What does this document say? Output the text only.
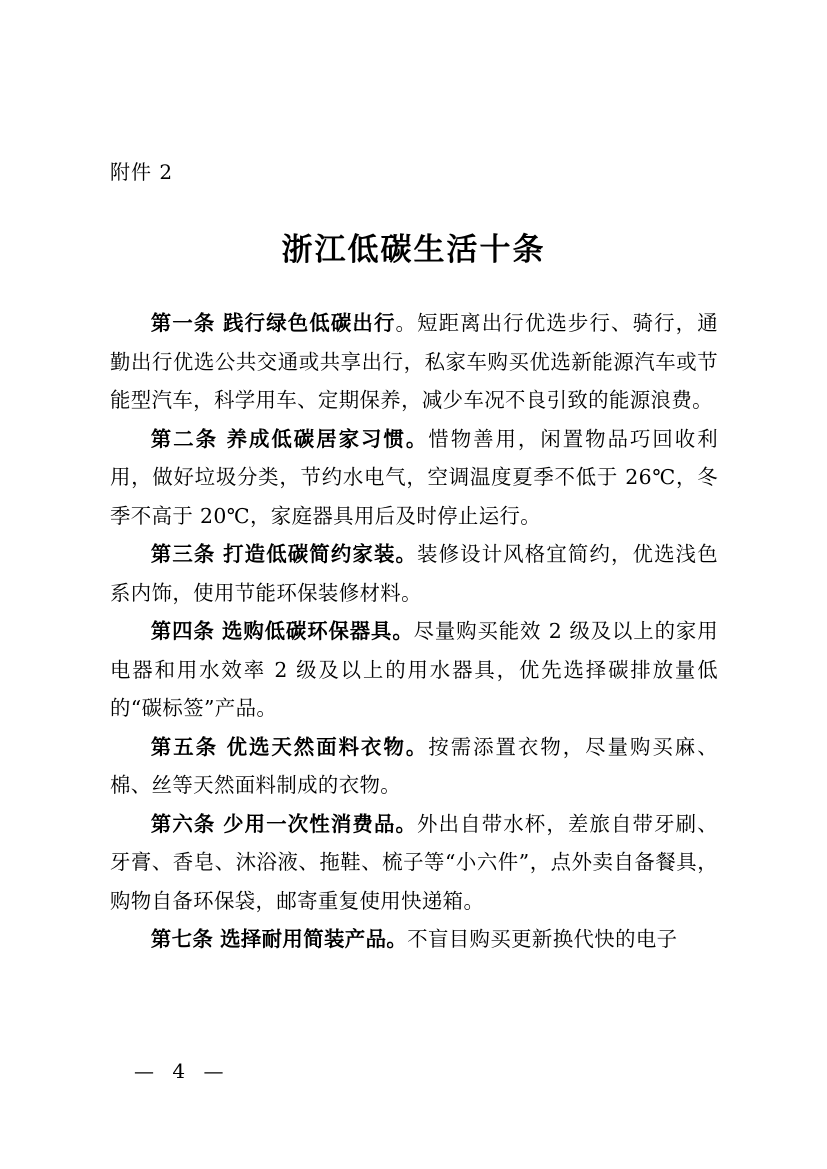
附件 2
浙江低碳生活十条

第一条 践行绿色低碳出行。短距离出行优选步行、骑行，通勤出行优选公共交通或共享出行，私家车购买优选新能源汽车或节能型汽车，科学用车、定期保养，减少车况不良引致的能源浪费。

第二条 养成低碳居家习惯。惜物善用，闲置物品巧回收利用，做好垃圾分类，节约水电气，空调温度夏季不低于 26℃，冬季不高于 20℃，家庭器具用后及时停止运行。

第三条 打造低碳简约家装。装修设计风格宜简约，优选浅色系内饰，使用节能环保装修材料。

第四条 选购低碳环保器具。尽量购买能效 2 级及以上的家用电器和用水效率 2 级及以上的用水器具，优先选择碳排放量低的“碳标签”产品。

第五条 优选天然面料衣物。按需添置衣物，尽量购买麻、棉、丝等天然面料制成的衣物。

第六条 少用一次性消费品。外出自带水杯，差旅自带牙刷、牙膏、香皂、沐浴液、拖鞋、梳子等“小六件”，点外卖自备餐具，购物自备环保袋，邮寄重复使用快递箱。

第七条 选择耐用简装产品。不盲目购买更新换代快的电子

— 4 —
